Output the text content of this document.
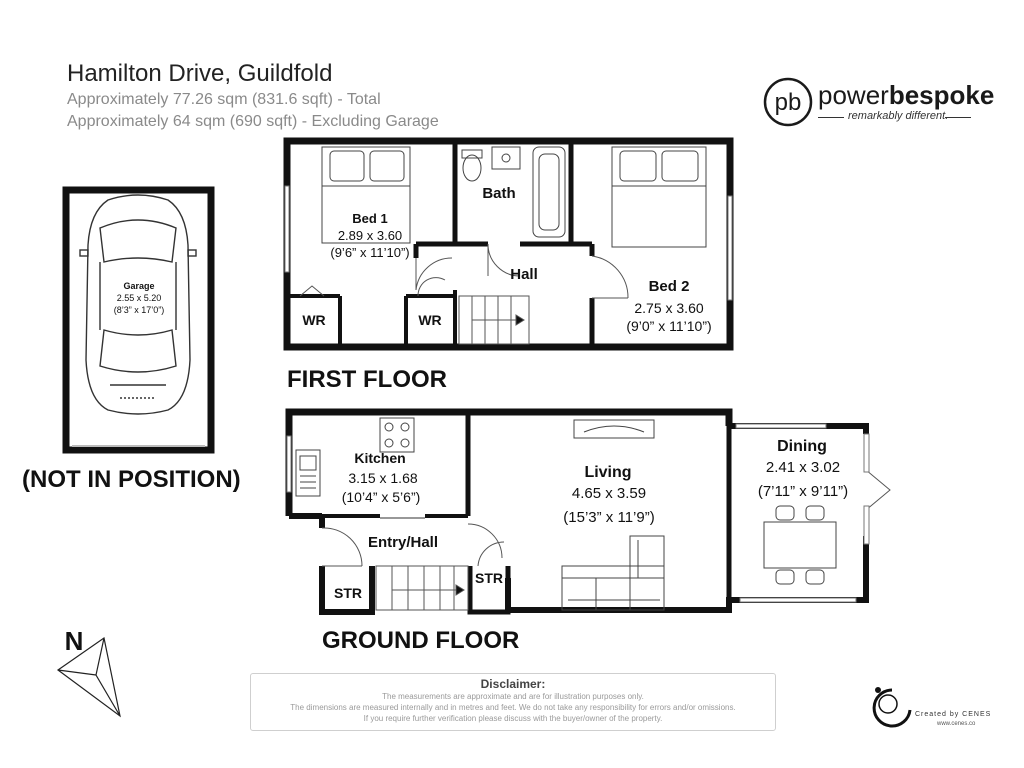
Hamilton Drive, Guildfold
Approximately 77.26 sqm (831.6 sqft) - Total
Approximately 64 sqm (690 sqft) - Excluding Garage
pb powerbespoke
remarkably different.
Garage
2.55 x 5.20
(8’3” x 17’0”)
Bed 1
2.89 x 3.60
(9’6” x 11’10”)
Bath
Hall
Bed 2
2.75 x 3.60
(9’0” x 11’10”)
WR	WR
Kitchen
3.15 x 1.68
(10’4” x 5’6”)
Living
4.65 x 3.59
(15’3” x 11’9”)
Dining
2.41 x 3.02
(7’11” x 9’11”)
Entry/Hall
STR
STR
N
FIRST FLOOR
GROUND FLOOR
(NOT IN POSITION)
Disclaimer:
The measurements are approximate and are for illustration purposes only.
The dimensions are measured internally and in metres and feet. We do not take any responsibility for errors and/or omissions.
If you require further verification please discuss with the buyer/owner of the property.	Created by CENES
www.cenes.co
